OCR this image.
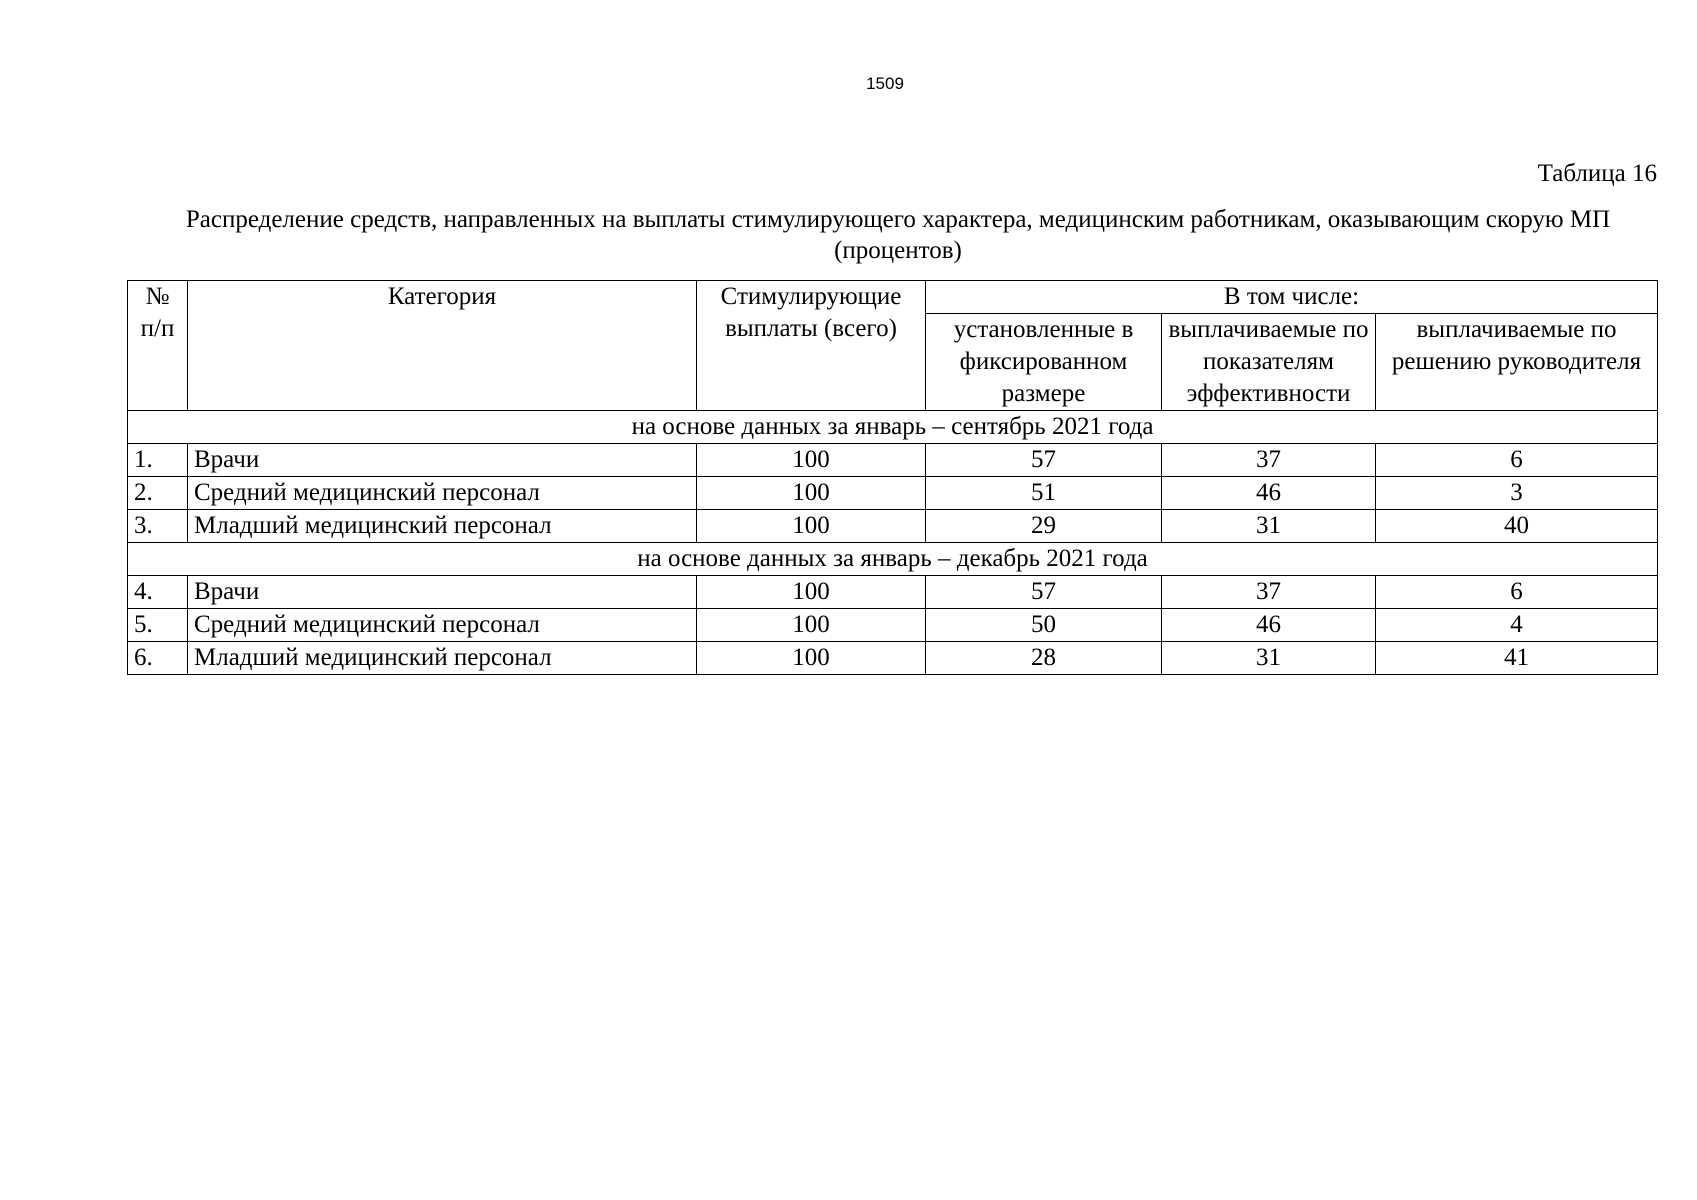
1509
Таблица 16
Распределение средств, направленных на выплаты стимулирующего характера, медицинским работникам, оказывающим скорую МП (процентов)
№ п/п	Категория	Стимулирующие выплаты (всего)	В том числе:		
			установленные в фиксированном размере	выплачиваемые по показателям эффективности	выплачиваемые по решению руководителя
на основе данных за январь – сентябрь 2021 года					
1.	Врачи	100	57	37	6
2.	Средний медицинский персонал	100	51	46	3
3.	Младший медицинский персонал	100	29	31	40
на основе данных за январь – декабрь 2021 года					
4.	Врачи	100	57	37	6
5.	Средний медицинский персонал	100	50	46	4
6.	Младший медицинский персонал	100	28	31	41
